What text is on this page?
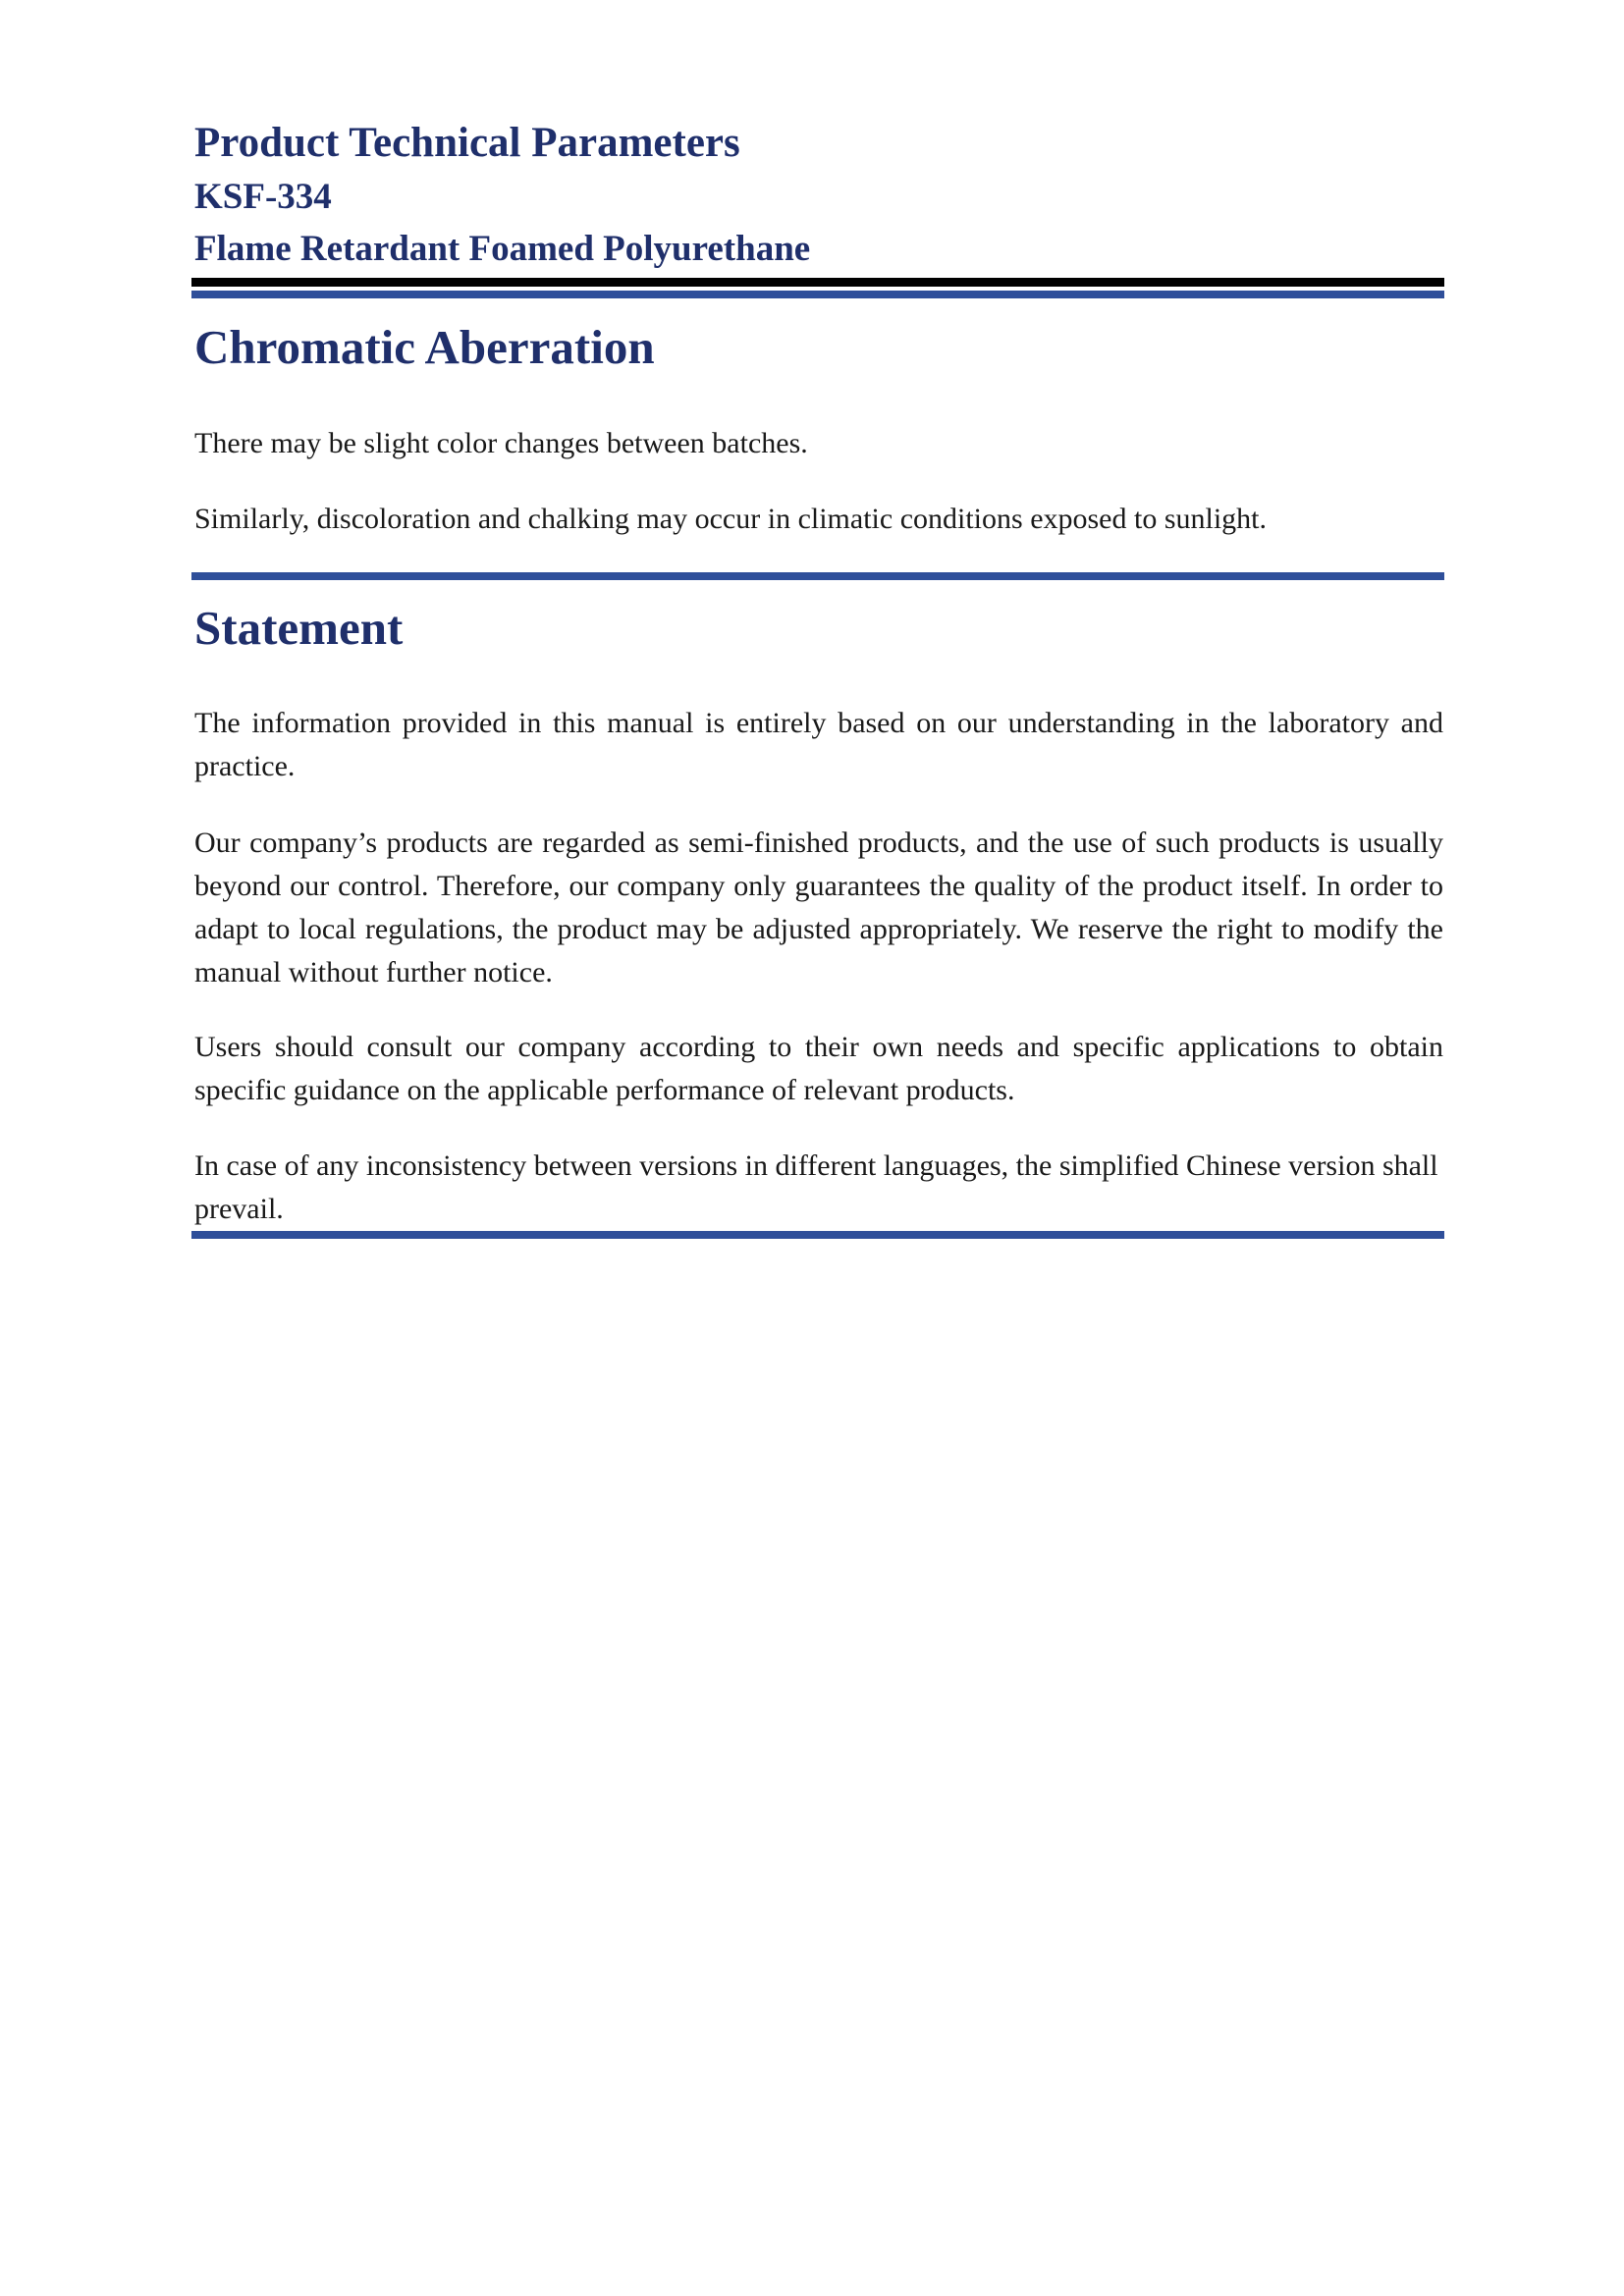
Product Technical Parameters

KSF-334

Flame Retardant Foamed Polyurethane

Chromatic Aberration

There may be slight color changes between batches.

Similarly, discoloration and chalking may occur in climatic conditions exposed to sunlight.

Statement

The information provided in this manual is entirely based on our understanding in the laboratory and practice.

Our company’s products are regarded as semi-finished products, and the use of such products is usually beyond our control. Therefore, our company only guarantees the quality of the product itself. In order to adapt to local regulations, the product may be adjusted appropriately. We reserve the right to modify the manual without further notice.

Users should consult our company according to their own needs and specific applications to obtain specific guidance on the applicable performance of relevant products.

In case of any inconsistency between versions in different languages, the simplified Chinese version shall prevail.
